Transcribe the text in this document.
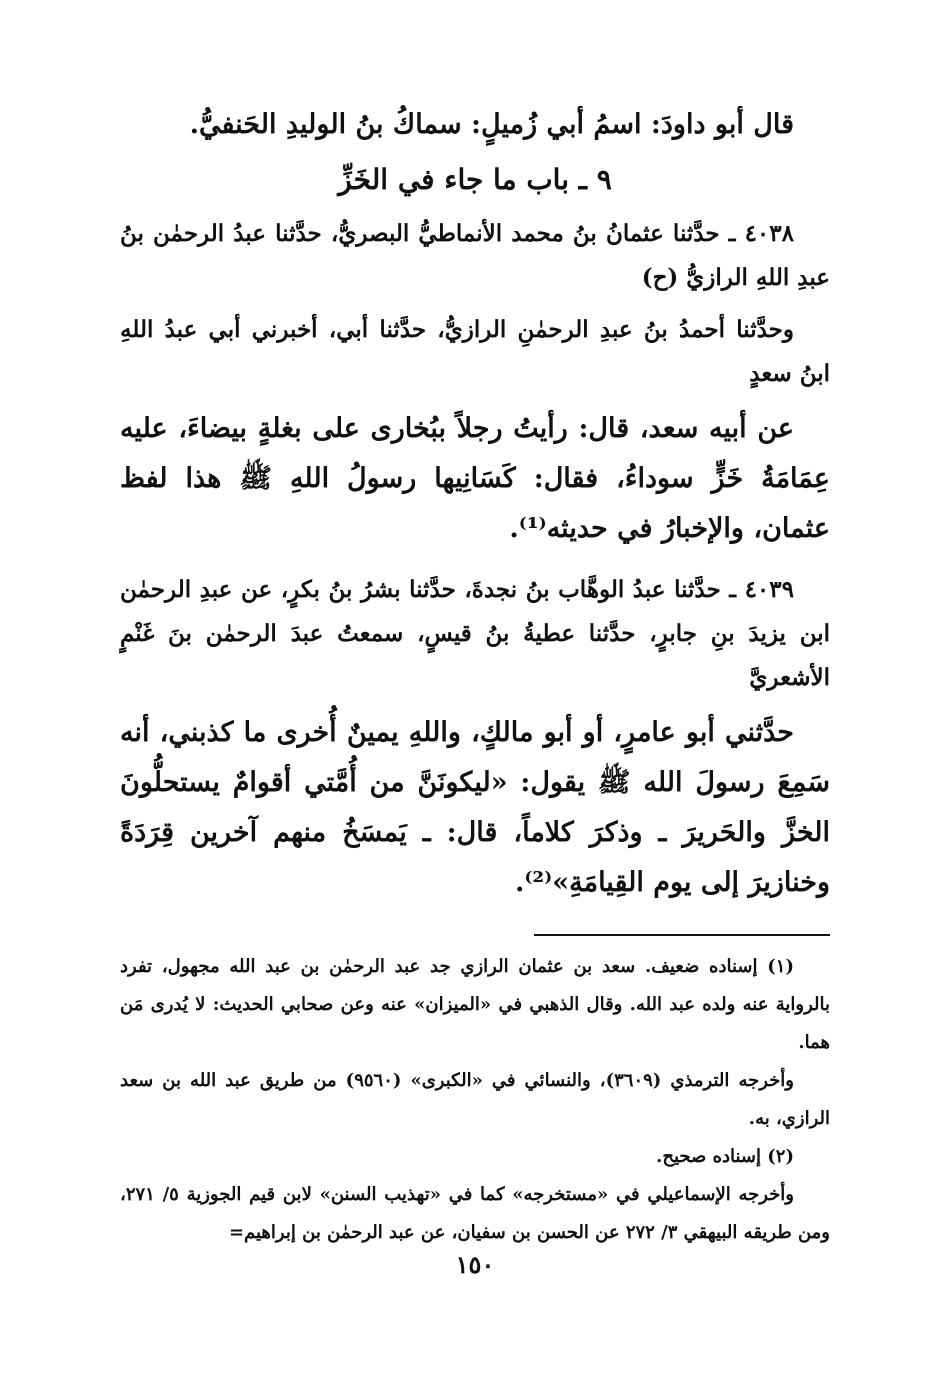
قال أبو داودَ: اسمُ أبي زُميلٍ: سماكُ بنُ الوليدِ الحَنفيُّ.

٩ ـ باب ما جاء في الخَزِّ

٤٠٣٨ ـ حدَّثنا عثمانُ بنُ محمد الأنماطيُّ البصريُّ، حدَّثنا عبدُ الرحمٰن بنُ عبدِ اللهِ الرازيُّ (ح)

وحدَّثنا أحمدُ بنُ عبدِ الرحمٰنِ الرازيُّ، حدَّثنا أبي، أخبرني أبي عبدُ اللهِ ابنُ سعدٍ

عن أبيه سعد، قال: رأيتُ رجلاً ببُخارى على بغلةٍ بيضاءَ، عليه عِمَامَةُ خَزٍّ سوداءُ، فقال: كَسَانِيها رسولُ اللهِ ﷺ هذا لفظ عثمان، والإخبارُ في حديثه⁽¹⁾.

٤٠٣٩ ـ حدَّثنا عبدُ الوهَّاب بنُ نجدةَ، حدَّثنا بشرُ بنُ بكرٍ، عن عبدِ الرحمٰن ابن يزيدَ بنِ جابرٍ، حدَّثنا عطيةُ بنُ قيسٍ، سمعتُ عبدَ الرحمٰن بنَ غَنْمٍ الأشعريَّ

حدَّثني أبو عامرٍ، أو أبو مالكٍ، واللهِ يمينٌ أُخرى ما كذبني، أنه سَمِعَ رسولَ الله ﷺ يقول: «ليكونَنَّ من أُمَّتي أقوامٌ يستحلُّونَ الخزَّ والحَريرَ ـ وذكرَ كلاماً، قال: ـ يَمسَخُ منهم آخرين قِرَدَةً وخنازيرَ إلى يوم القِيامَةِ»⁽²⁾.

(١) إسناده ضعيف. سعد بن عثمان الرازي جد عبد الرحمٰن بن عبد الله مجهول، تفرد بالرواية عنه ولده عبد الله. وقال الذهبي في «الميزان» عنه وعن صحابي الحديث: لا يُدرى مَن هما.

وأخرجه الترمذي (٣٦٠٩)، والنسائي في «الكبرى» (٩٥٦٠) من طريق عبد الله بن سعد الرازي، به.

(٢) إسناده صحيح.

وأخرجه الإسماعيلي في «مستخرجه» كما في «تهذيب السنن» لابن قيم الجوزية ٥/ ٢٧١، ومن طريقه البيهقي ٣/ ٢٧٢ عن الحسن بن سفيان، عن عبد الرحمٰن بن إبراهيم=

١٥٠
